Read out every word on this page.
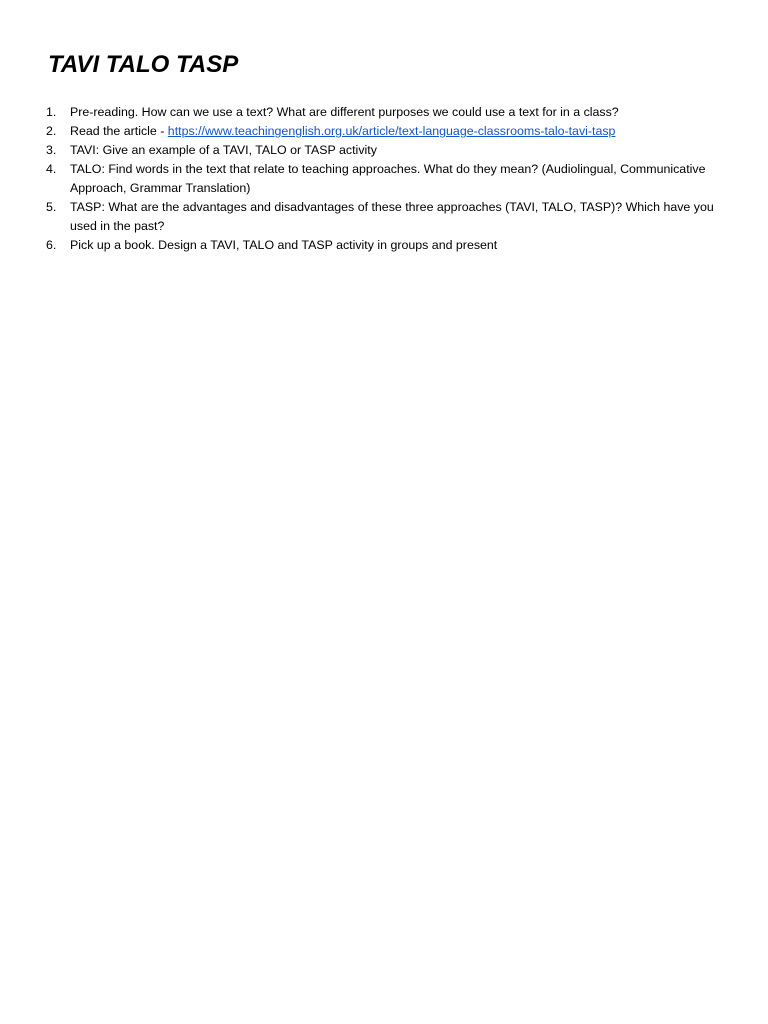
TAVI TALO TASP
1.	Pre-reading. How can we use a text? What are different purposes we could use a text for in a class?
2.	Read the article - https://www.teachingenglish.org.uk/article/text-language-classrooms-talo-tavi-tasp
3.	TAVI: Give an example of a TAVI, TALO or TASP activity
4.	TALO: Find words in the text that relate to teaching approaches. What do they mean? (Audiolingual, Communicative Approach, Grammar Translation)
5.	TASP: What are the advantages and disadvantages of these three approaches (TAVI, TALO, TASP)? Which have you used in the past?
6.	Pick up a book. Design a TAVI, TALO and TASP activity in groups and present
